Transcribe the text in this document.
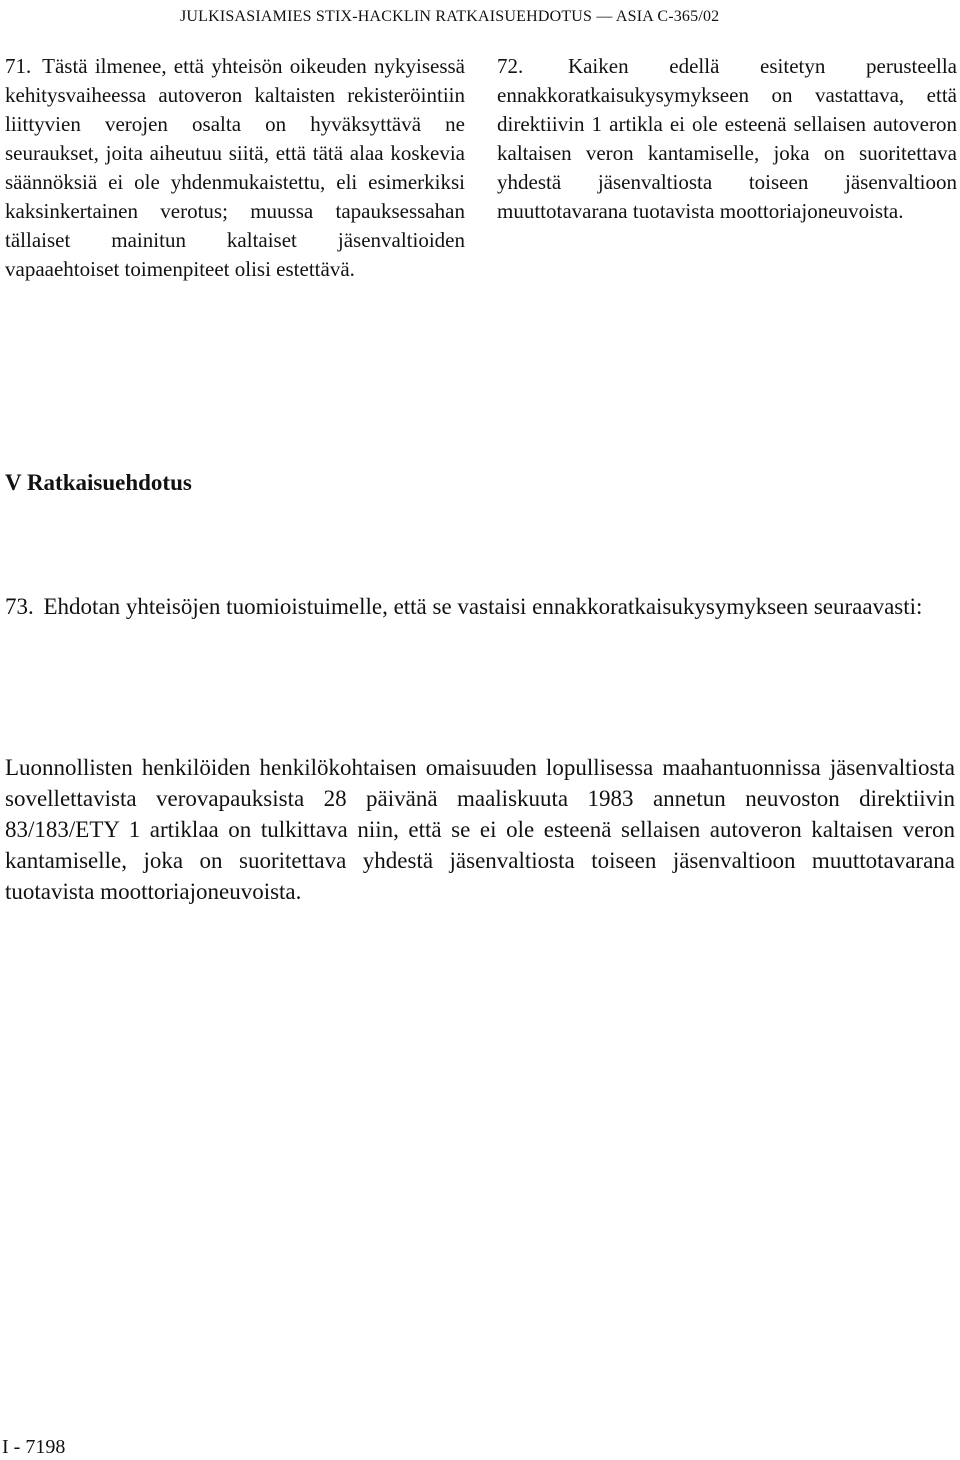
JULKISASIAMIES STIX-HACKLIN RATKAISUEHDOTUS — ASIA C-365/02
71. Tästä ilmenee, että yhteisön oikeuden nykyisessä kehitysvaiheessa autoveron kaltaisten rekisteröintiin liittyvien verojen osalta on hyväksyttävä ne seuraukset, joita aiheutuu siitä, että tätä alaa koskevia säännöksiä ei ole yhdenmukaistettu, eli esimerkiksi kaksinkertainen verotus; muussa tapauksessahan tällaiset mainitun kaltaiset jäsenvaltioiden vapaaehtoiset toimenpiteet olisi estettävä.
72. Kaiken edellä esitetyn perusteella ennakkoratkaisukysymykseen on vastattava, että direktiivin 1 artikla ei ole esteenä sellaisen autoveron kaltaisen veron kantamiselle, joka on suoritettava yhdestä jäsenvaltiosta toiseen jäsenvaltioon muuttotavarana tuotavista moottoriajoneuvoista.
V Ratkaisuehdotus
73. Ehdotan yhteisöjen tuomioistuimelle, että se vastaisi ennakkoratkaisukysymykseen seuraavasti:
Luonnollisten henkilöiden henkilökohtaisen omaisuuden lopullisessa maahantuonnissa jäsenvaltiosta sovellettavista verovapauksista 28 päivänä maaliskuuta 1983 annetun neuvoston direktiivin 83/183/ETY 1 artiklaa on tulkittava niin, että se ei ole esteenä sellaisen autoveron kaltaisen veron kantamiselle, joka on suoritettava yhdestä jäsenvaltiosta toiseen jäsenvaltioon muuttotavarana tuotavista moottoriajoneuvoista.
I - 7198
